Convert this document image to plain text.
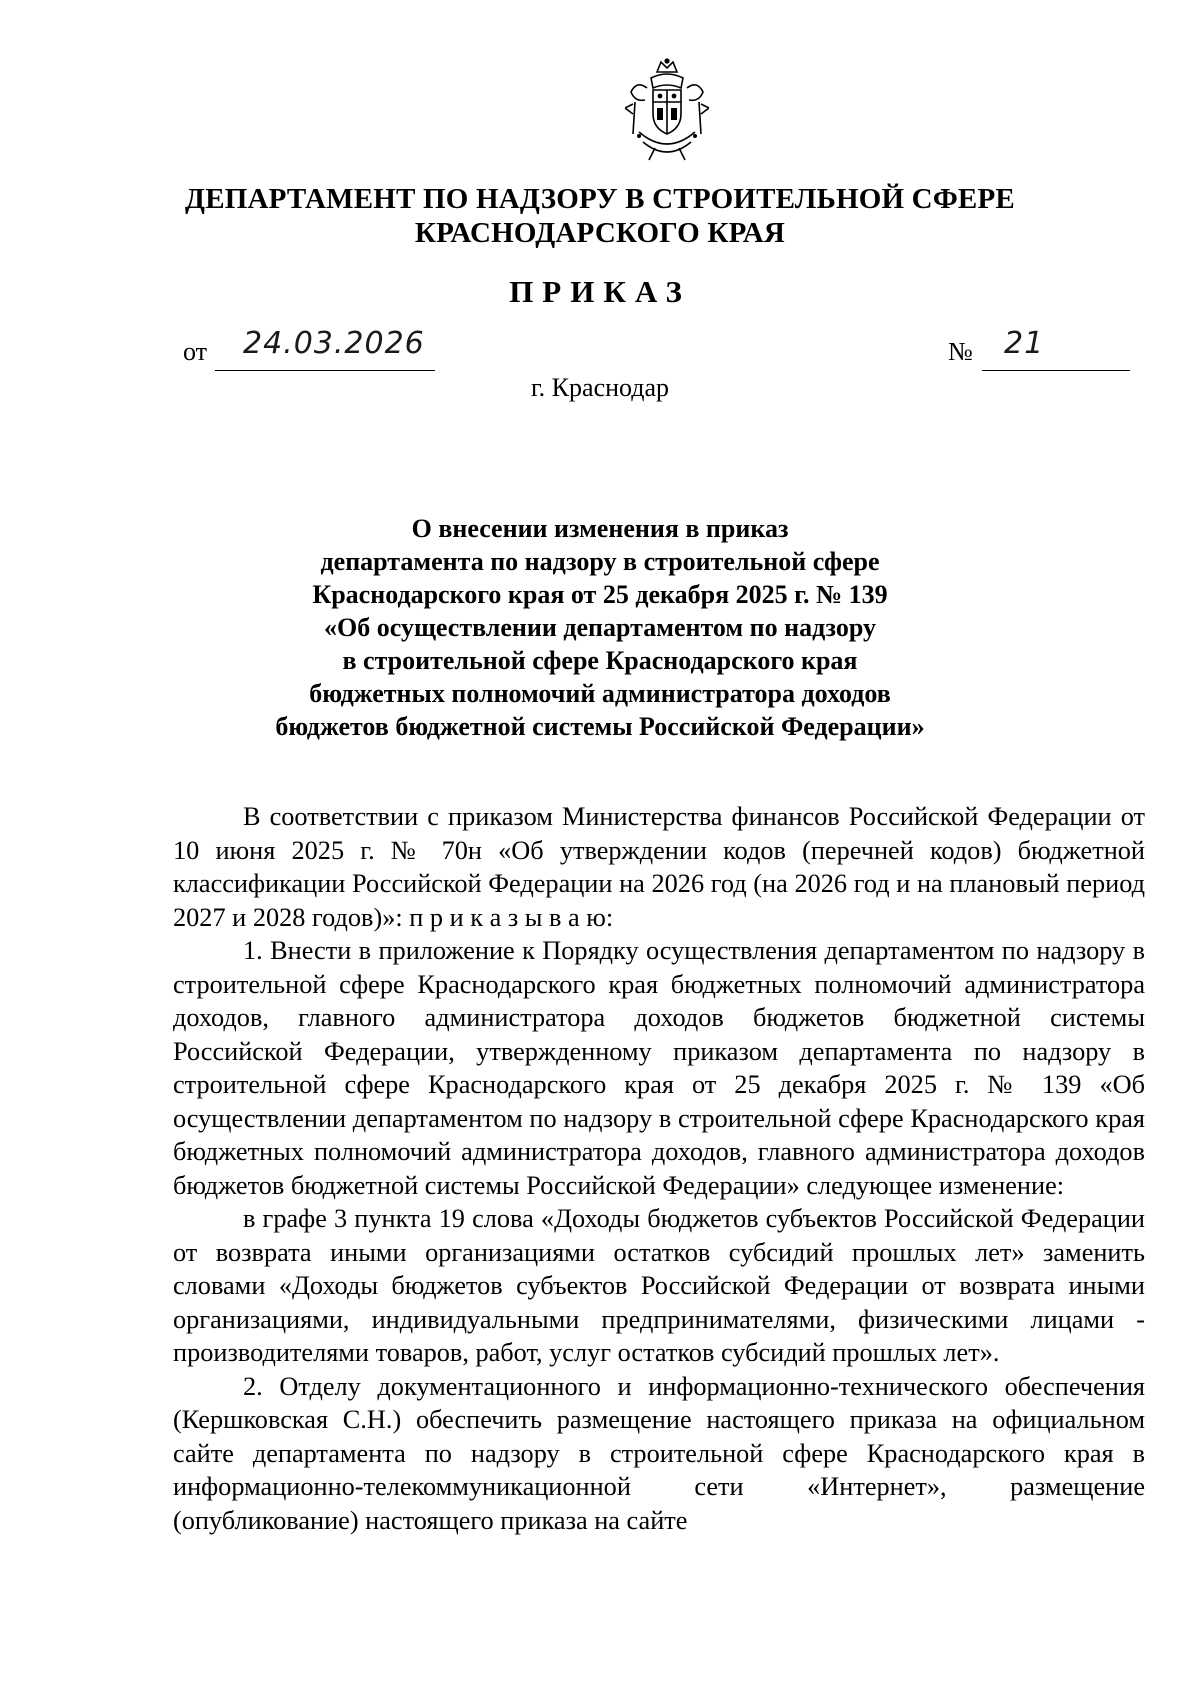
ДЕПАРТАМЕНТ ПО НАДЗОРУ В СТРОИТЕЛЬНОЙ СФЕРЕ
КРАСНОДАРСКОГО КРАЯ
ПРИКАЗ
от 24.03.2026	№ 21
г. Краснодар
О внесении изменения в приказ
департамента по надзору в строительной сфере
Краснодарского края от 25 декабря 2025 г. № 139
«Об осуществлении департаментом по надзору
в строительной сфере Краснодарского края
бюджетных полномочий администратора доходов
бюджетов бюджетной системы Российской Федерации»

В соответствии с приказом Министерства финансов Российской Федерации от 10 июня 2025 г. № 70н «Об утверждении кодов (перечней кодов) бюджетной классификации Российской Федерации на 2026 год (на 2026 год и на плановый период 2027 и 2028 годов)»: п р и к а з ы в а ю:

1. Внести в приложение к Порядку осуществления департаментом по надзору в строительной сфере Краснодарского края бюджетных полномочий администратора доходов, главного администратора доходов бюджетов бюджетной системы Российской Федерации, утвержденному приказом департамента по надзору в строительной сфере Краснодарского края от 25 декабря 2025 г. № 139 «Об осуществлении департаментом по надзору в строительной сфере Краснодарского края бюджетных полномочий администратора доходов, главного администратора доходов бюджетов бюджетной системы Российской Федерации» следующее изменение:

в графе 3 пункта 19 слова «Доходы бюджетов субъектов Российской Федерации от возврата иными организациями остатков субсидий прошлых лет» заменить словами «Доходы бюджетов субъектов Российской Федерации от возврата иными организациями, индивидуальными предпринимателями, физическими лицами - производителями товаров, работ, услуг остатков субсидий прошлых лет».

2. Отделу документационного и информационно-технического обеспечения (Кершковская С.Н.) обеспечить размещение настоящего приказа на официальном сайте департамента по надзору в строительной сфере Краснодарского края в информационно-телекоммуникационной сети «Интернет», размещение (опубликование) настоящего приказа на сайте
